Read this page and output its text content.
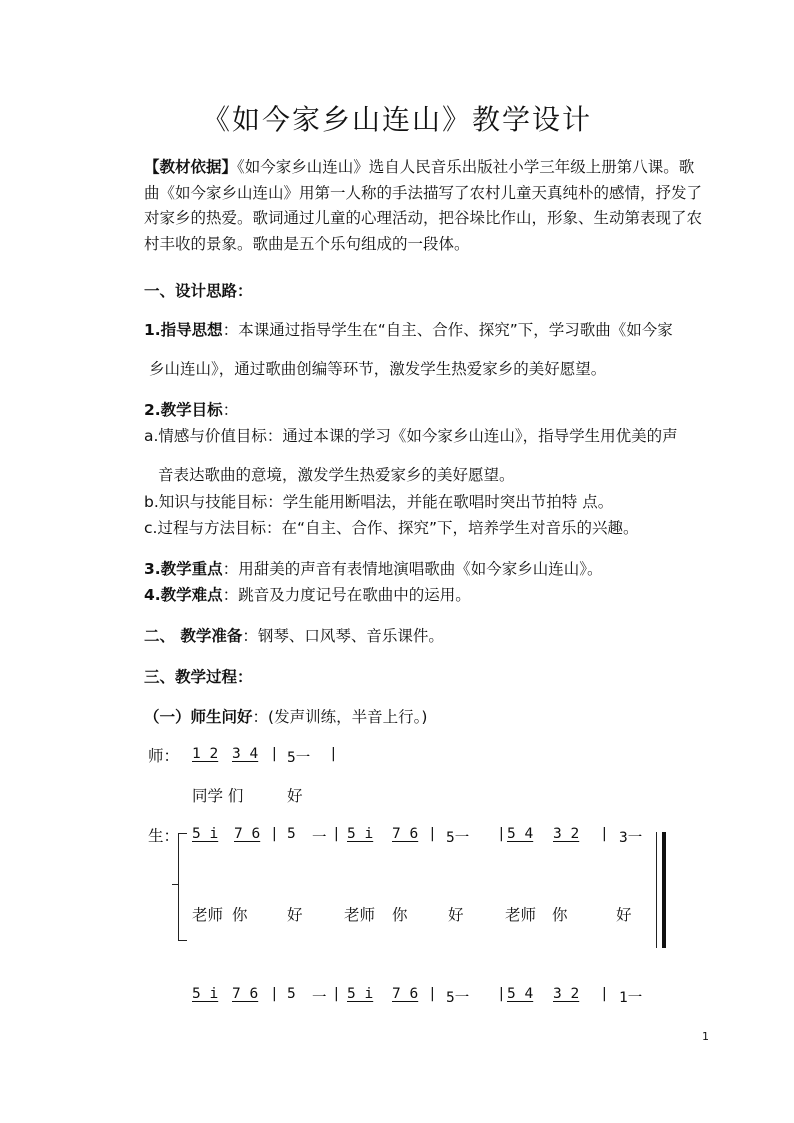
《如今家乡山连山》教学设计
【教材依据】《如今家乡山连山》选自人民音乐出版社小学三年级上册第八课。歌
曲《如今家乡山连山》用第一人称的手法描写了农村儿童天真纯朴的感情，抒发了
对家乡的热爱。歌词通过儿童的心理活动，把谷垛比作山，形象、生动第表现了农
村丰收的景象。歌曲是五个乐句组成的一段体。
一、设计思路：
1.指导思想：本课通过指导学生在“自主、合作、探究”下，学习歌曲《如今家
乡山连山》，通过歌曲创编等环节，激发学生热爱家乡的美好愿望。
2.教学目标：
a.情感与价值目标：通过本课的学习《如今家乡山连山》，指导学生用优美的声
音表达歌曲的意境，激发学生热爱家乡的美好愿望。
b.知识与技能目标：学生能用断唱法，并能在歌唱时突出节拍特 点。
c.过程与方法目标：在“自主、合作、探究”下，培养学生对音乐的兴趣。
3.教学重点：用甜美的声音有表情地演唱歌曲《如今家乡山连山》。
4.教学难点：跳音及力度记号在歌曲中的运用。
二、 教学准备：钢琴、口风琴、音乐课件。
三、教学过程：
（一）师生问好：(发声训练，半音上行。)
师： 1 2 3 4 | 5一 |
同学 们	好
生： 5 i 7 6 | 5 一 | 5 i 7 6 | 5一 | 5 4 3 2 | 3一
老师 你	好	老师 你	好	老师 你	好
5 i 7 6 | 5 一 | 5 i 7 6 | 5一 | 5 4 3 2 | 1一
1
